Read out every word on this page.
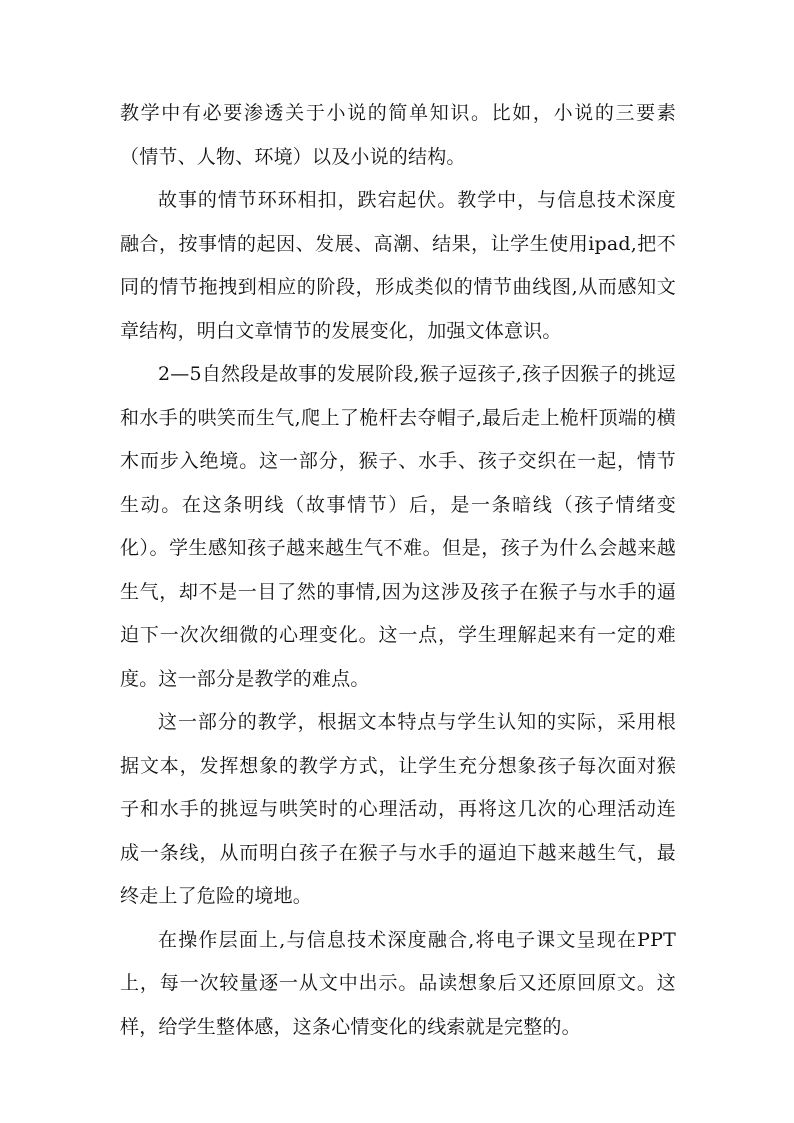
教学中有必要渗透关于小说的简单知识。比如，小说的三要素（情节、人物、环境）以及小说的结构。

故事的情节环环相扣，跌宕起伏。教学中，与信息技术深度融合，按事情的起因、发展、高潮、结果，让学生使用ipad,把不同的情节拖拽到相应的阶段，形成类似的情节曲线图,从而感知文章结构，明白文章情节的发展变化，加强文体意识。

2—5自然段是故事的发展阶段,猴子逗孩子,孩子因猴子的挑逗和水手的哄笑而生气,爬上了桅杆去夺帽子,最后走上桅杆顶端的横木而步入绝境。这一部分，猴子、水手、孩子交织在一起，情节生动。在这条明线（故事情节）后，是一条暗线（孩子情绪变化）。学生感知孩子越来越生气不难。但是，孩子为什么会越来越生气，却不是一目了然的事情,因为这涉及孩子在猴子与水手的逼迫下一次次细微的心理变化。这一点，学生理解起来有一定的难度。这一部分是教学的难点。

这一部分的教学，根据文本特点与学生认知的实际，采用根据文本，发挥想象的教学方式，让学生充分想象孩子每次面对猴子和水手的挑逗与哄笑时的心理活动，再将这几次的心理活动连成一条线，从而明白孩子在猴子与水手的逼迫下越来越生气，最终走上了危险的境地。

在操作层面上,与信息技术深度融合,将电子课文呈现在PPT上，每一次较量逐一从文中出示。品读想象后又还原回原文。这样，给学生整体感，这条心情变化的线索就是完整的。
